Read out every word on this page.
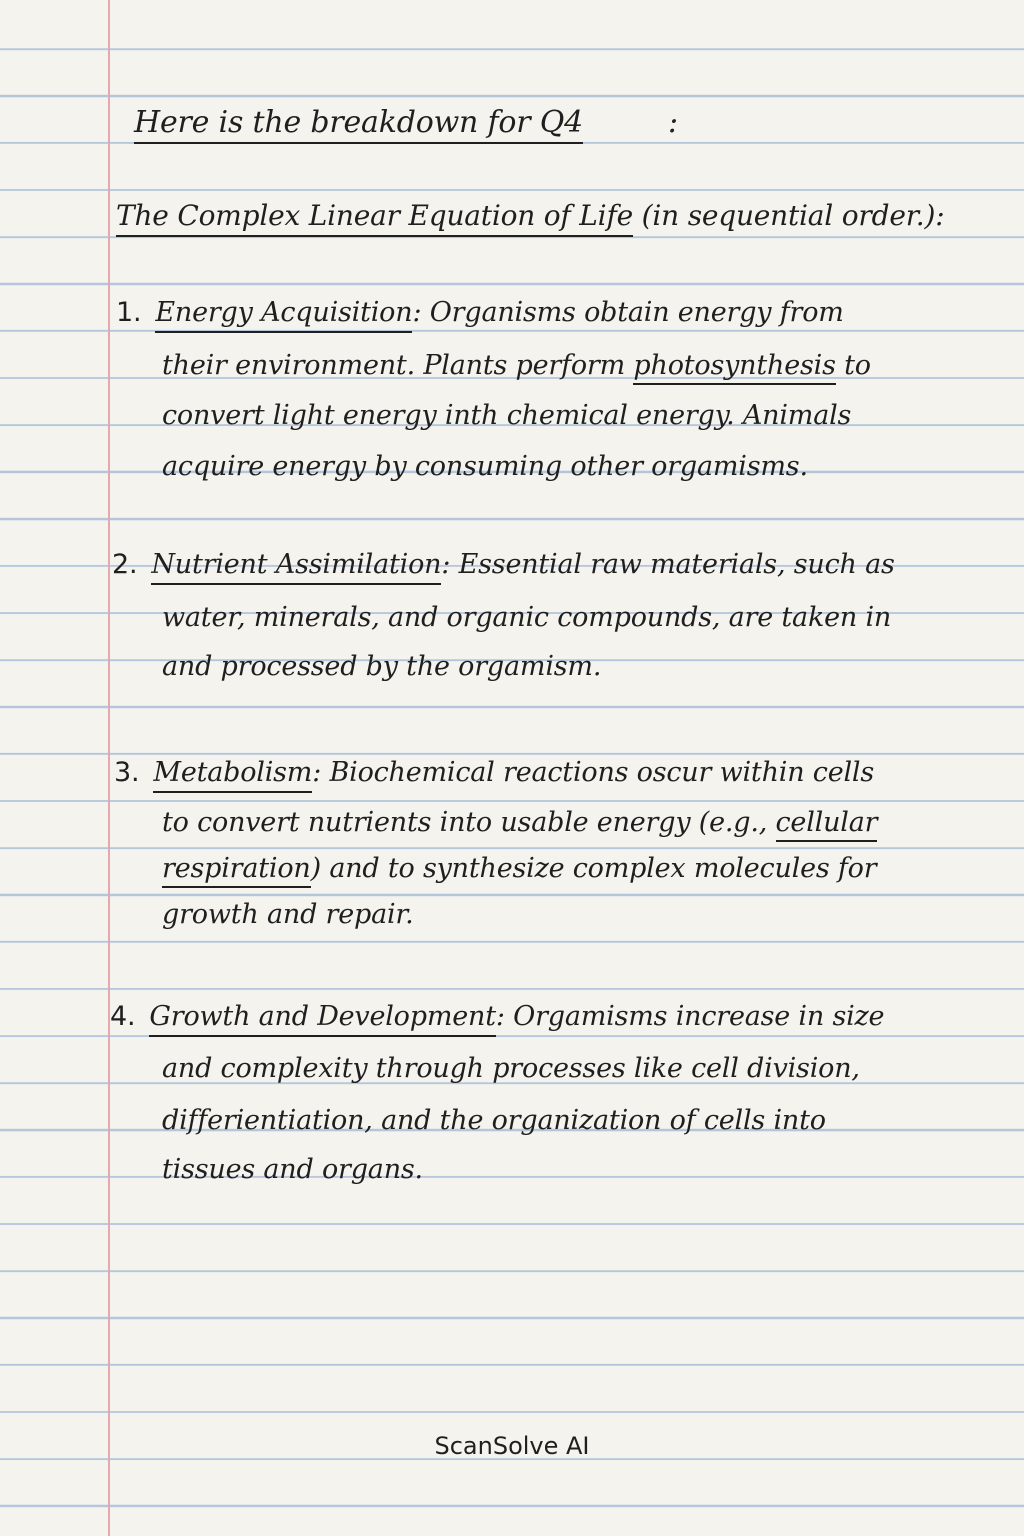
Here is the breakdown for Q4	:

The Complex Linear Equation of Life (in sequential order.):

1. Energy Acquisition: Organisms obtain energy from

their environment. Plants perform photosynthesis to

convert light energy inth chemical energy. Animals

acquire energy by consuming other orgamisms.

2. Nutrient Assimilation: Essential raw materials, such as

water, minerals, and organic compounds, are taken in

and processed by the orgamism.

3. Metabolism: Biochemical reactions oscur within cells

to convert nutrients into usable energy (e.g., cellular

respiration) and to synthesize complex molecules for

growth and repair.

4. Growth and Development: Orgamisms increase in size

and complexity through processes like cell division,

differientiation, and the organization of cells into

tissues and organs.

ScanSolve AI
